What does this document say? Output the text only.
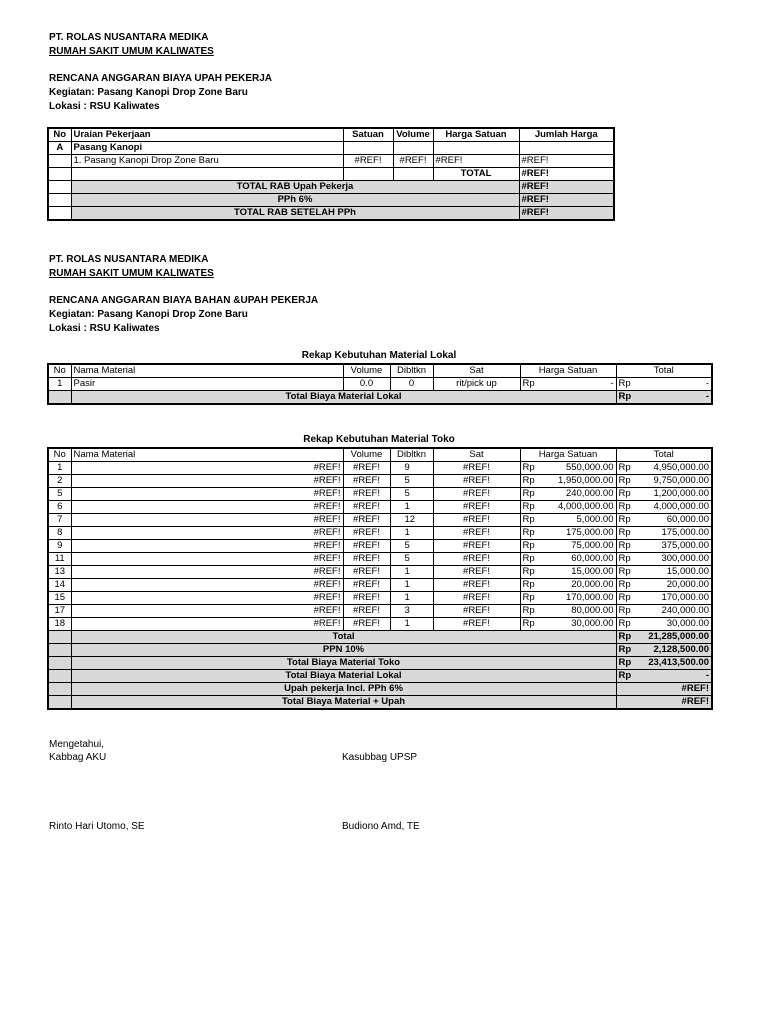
PT. ROLAS NUSANTARA MEDIKA
RUMAH SAKIT UMUM KALIWATES
RENCANA ANGGARAN BIAYA UPAH PEKERJA
Kegiatan: Pasang Kanopi Drop Zone Baru
Lokasi : RSU Kaliwates
No	Uraian Pekerjaan	Satuan	Volume	Harga Satuan	Jumlah Harga
A	Pasang Kanopi				
	1. Pasang Kanopi Drop Zone Baru	#REF!	#REF!	#REF!	#REF!
				TOTAL	#REF!
	TOTAL RAB Upah Pekerja				#REF!
	PPh 6%				#REF!
	TOTAL RAB SETELAH PPh				#REF!
PT. ROLAS NUSANTARA MEDIKA
RUMAH SAKIT UMUM KALIWATES
RENCANA ANGGARAN BIAYA BAHAN &UPAH PEKERJA
Kegiatan: Pasang Kanopi Drop Zone Baru
Lokasi : RSU Kaliwates
Rekap Kebutuhan Material Lokal
No	Nama Material	Volume	Dibltkn	Sat	Harga Satuan	Total
1	Pasir	0.0	0	rit/pick up	Rp -	Rp -

	Total Biaya Material Lokal					Rp -
Rekap Kebutuhan Material Toko
No	Nama Material	Volume	Dibltkn	Sat	Harga Satuan	Total
1	#REF!	#REF!	9	#REF!	Rp 550,000.00	Rp 4,950,000.00

2	#REF!	#REF!	5	#REF!	Rp 1,950,000.00	Rp 9,750,000.00

5	#REF!	#REF!	5	#REF!	Rp 240,000.00	Rp 1,200,000.00

6	#REF!	#REF!	1	#REF!	Rp 4,000,000.00	Rp 4,000,000.00

7	#REF!	#REF!	12	#REF!	Rp 5,000.00	Rp 60,000.00

8	#REF!	#REF!	1	#REF!	Rp 175,000.00	Rp 175,000.00

9	#REF!	#REF!	5	#REF!	Rp 75,000.00	Rp 375,000.00

11	#REF!	#REF!	5	#REF!	Rp 60,000.00	Rp 300,000.00

13	#REF!	#REF!	1	#REF!	Rp 15,000.00	Rp 15,000.00

14	#REF!	#REF!	1	#REF!	Rp 20,000.00	Rp 20,000.00

15	#REF!	#REF!	1	#REF!	Rp 170,000.00	Rp 170,000.00

17	#REF!	#REF!	3	#REF!	Rp 80,000.00	Rp 240,000.00

18	#REF!	#REF!	1	#REF!	Rp 30,000.00	Rp 30,000.00

	Total					Rp 21,285,000.00

	PPN 10%					Rp 2,128,500.00

	Total Biaya Material Toko					Rp 23,413,500.00

	Total Biaya Material Lokal					Rp -

	Upah pekerja Incl. PPh 6%					#REF!

	Total Biaya Material + Upah					#REF!
Mengetahui,
Kabbag AKU	Kasubbag UPSP
Rinto Hari Utomo, SE	Budiono Amd, TE
